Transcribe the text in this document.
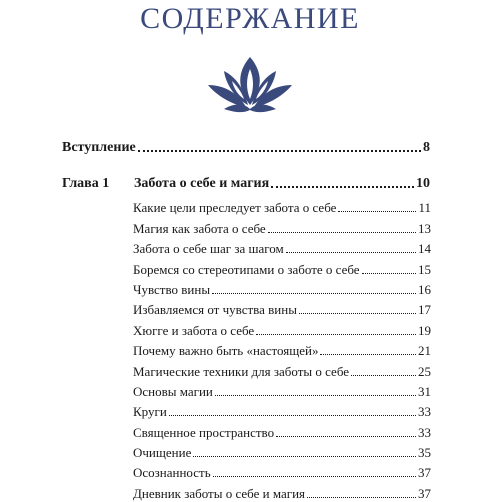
СОДЕРЖАНИЕ
Вступление	8
Глава 1	Забота о себе и магия	10
Какие цели преследует забота о себе	11
Магия как забота о себе	13
Забота о себе шаг за шагом	14
Боремся со стереотипами о заботе о себе	15
Чувство вины	16
Избавляемся от чувства вины	17
Хюгге и забота о себе	19
Почему важно быть «настоящей»	21
Магические техники для заботы о себе	25
Основы магии	31
Круги	33
Священное пространство	33
Очищение	35
Осознанность	37
Дневник заботы о себе и магия	37
